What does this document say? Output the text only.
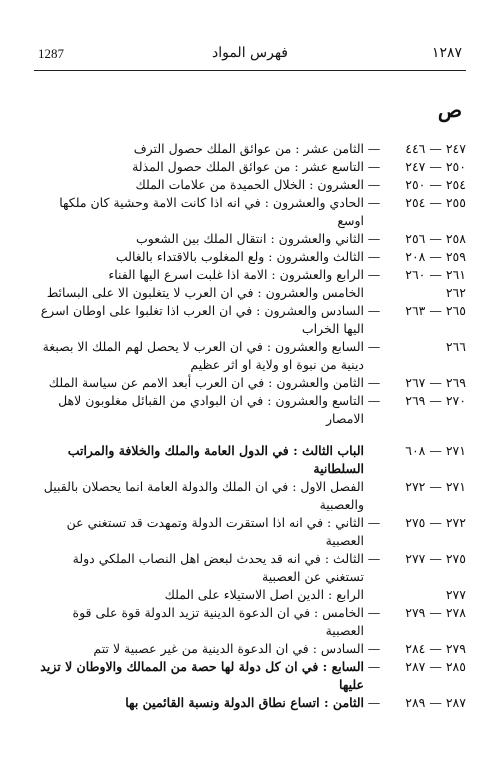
1287	فهرس المواد	١٢٨٧
ص
٢٤٧ — ٤٤٦
—
الثامن عشر : من عوائق الملك حصول الترف
٢٥٠ — ٢٤٧
—
التاسع عشر : من عوائق الملك حصول المذلة
٢٥٤ — ٢٥٠
—
العشرون : الخلال الحميدة من علامات الملك
٢٥٥ — ٢٥٤
—
الحادي والعشرون : في انه اذا كانت الامة وحشية كان ملكها اوسع
٢٥٨ — ٢٥٦
—
الثاني والعشرون : انتقال الملك بين الشعوب
٢٥٩ — ٢٠٨
—
الثالث والعشرون : ولع المغلوب بالاقتداء بالغالب
٢٦١ — ٢٦٠
—
الرابع والعشرون : الامة اذا غلبت اسرع اليها الفناء
٢٦٢
الخامس والعشرون : في ان العرب لا يتغلبون الا على البسائط
٢٦٥ — ٢٦٣
—
السادس والعشرون : في ان العرب اذا تغلبوا على اوطان اسرع اليها الخراب
٢٦٦
—
السابع والعشرون : في ان العرب لا يحصل لهم الملك الا بصبغة دينية من نبوة او ولاية او اثر عظيم
٢٦٩ — ٢٦٧
—
الثامن والعشرون : في ان العرب أبعد الامم عن سياسة الملك
٢٧٠ — ٢٦٩
—
التاسع والعشرون : في ان البوادي من القبائل مغلوبون لاهل الامصار
٢٧١ — ٦٠٨
الباب الثالث : في الدول العامة والملك والخلافة والمراتب السلطانية
٢٧١ — ٢٧٢
الفصل الاول : في ان الملك والدولة العامة انما يحصلان بالقبيل والعصبية
٢٧٢ — ٢٧٥
—
الثاني : في انه اذا استقرت الدولة وتمهدت قد تستغني عن العصبية
٢٧٥ — ٢٧٧
—
الثالث : في انه قد يحدث لبعض اهل النصاب الملكي دولة تستغني عن العصبية
٢٧٧
الرابع : الدين اصل الاستيلاء على الملك
٢٧٨ — ٢٧٩
—
الخامس : في ان الدعوة الدينية تزيد الدولة قوة على قوة العصبية
٢٧٩ — ٢٨٤
—
السادس : في ان الدعوة الدينية من غير عصبية لا تتم
٢٨٥ — ٢٨٧
—
السابع : في ان كل دولة لها حصة من الممالك والاوطان لا تزيد عليها
٢٨٧ — ٢٨٩
—
الثامن : اتساع نطاق الدولة ونسبة القائمين بها
